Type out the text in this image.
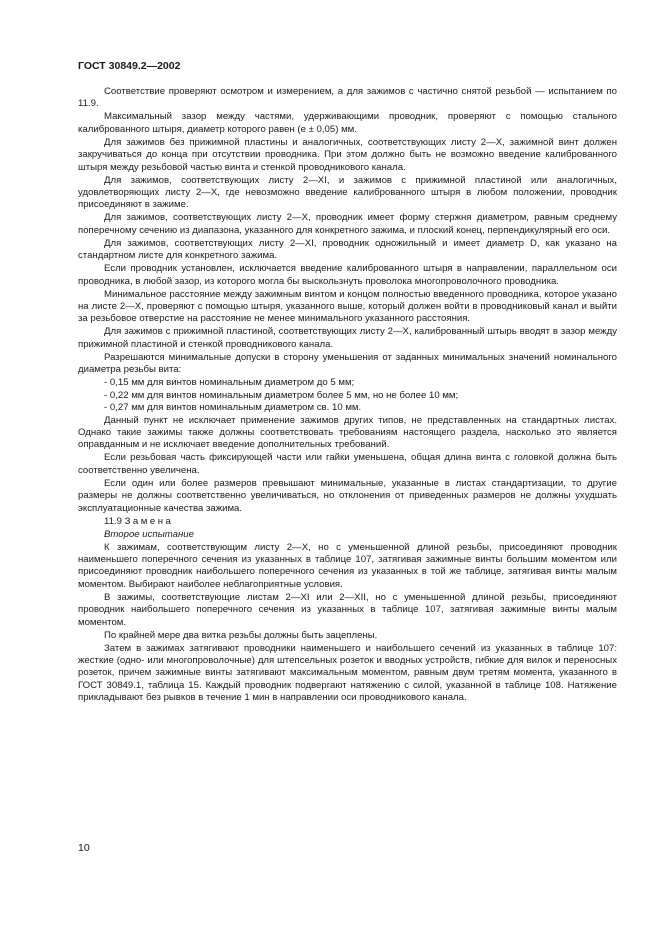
ГОСТ 30849.2—2002

Соответствие проверяют осмотром и измерением, а для зажимов с частично снятой резьбой — испытанием по 11.9.

Максимальный зазор между частями, удерживающими проводник, проверяют с помощью стального калиброванного штыря, диаметр которого равен (e ± 0,05) мм.

Для зажимов без прижимной пластины и аналогичных, соответствующих листу 2—X, зажимной винт должен закручиваться до конца при отсутствии проводника. При этом должно быть не возможно введение калиброванного штыря между резьбовой частью винта и стенкой проводникового канала.

Для зажимов, соответствующих листу 2—XI, и зажимов с прижимной пластиной или аналогичных, удовлетворяющих листу 2—X, где невозможно введение калиброванного штыря в любом положении, проводник присоединяют в зажиме.

Для зажимов, соответствующих листу 2—X, проводник имеет форму стержня диаметром, равным среднему поперечному сечению из диапазона, указанного для конкретного зажима, и плоский конец, перпендикулярный его оси.

Для зажимов, соответствующих листу 2—XI, проводник одножильный и имеет диаметр D, как указано на стандартном листе для конкретного зажима.

Если проводник установлен, исключается введение калиброванного штыря в направлении, параллельном оси проводника, в любой зазор, из которого могла бы выскользнуть проволока многопроволочного проводника.

Минимальное расстояние между зажимным винтом и концом полностью введенного проводника, которое указано на листе 2—X, проверяют с помощью штыря, указанного выше, который должен войти в проводниковый канал и выйти за резьбовое отверстие на расстояние не менее минимального указанного расстояния.

Для зажимов с прижимной пластиной, соответствующих листу 2—X, калиброванный штырь вводят в зазор между прижимной пластиной и стенкой проводникового канала.

Разрешаются минимальные допуски в сторону уменьшения от заданных минимальных значений номинального диаметра резьбы вита:

- 0,15 мм для винтов номинальным диаметром до 5 мм;

- 0,22 мм для винтов номинальным диаметром более 5 мм, но не более 10 мм;

- 0,27 мм для винтов номинальным диаметром св. 10 мм.

Данный пункт не исключает применение зажимов других типов, не представленных на стандартных листах. Однако такие зажимы также должны соответствовать требованиям настоящего раздела, насколько это является оправданным и не исключает введение дополнительных требований.

Если резьбовая часть фиксирующей части или гайки уменьшена, общая длина винта с головкой должна быть соответственно увеличена.

Если один или более размеров превышают минимальные, указанные в листах стандартизации, то другие размеры не должны соответственно увеличиваться, но отклонения от приведенных размеров не должны ухудшать эксплуатационные качества зажима.

11.9 Замена

Второе испытание

К зажимам, соответствующим листу 2—X, но с уменьшенной длиной резьбы, присоединяют проводник наименьшего поперечного сечения из указанных в таблице 107, затягивая зажимные винты большим моментом или присоединяют проводник наибольшего поперечного сечения из указанных в той же таблице, затягивая винты малым моментом. Выбирают наиболее неблагоприятные условия.

В зажимы, соответствующие листам 2—XI или 2—XII, но с уменьшенной длиной резьбы, присоединяют проводник наибольшего поперечного сечения из указанных в таблице 107, затягивая зажимные винты малым моментом.

По крайней мере два витка резьбы должны быть зацеплены.

Затем в зажимах затягивают проводники наименьшего и наибольшего сечений из указанных в таблице 107: жесткие (одно- или многопроволочные) для штепсельных розеток и вводных устройств, гибкие для вилок и переносных розеток, причем зажимные винты затягивают максимальным моментом, равным двум третям момента, указанного в ГОСТ 30849.1, таблица 15. Каждый проводник подвергают натяжению с силой, указанной в таблице 108. Натяжение прикладывают без рывков в течение 1 мин в направлении оси проводникового канала.

10
